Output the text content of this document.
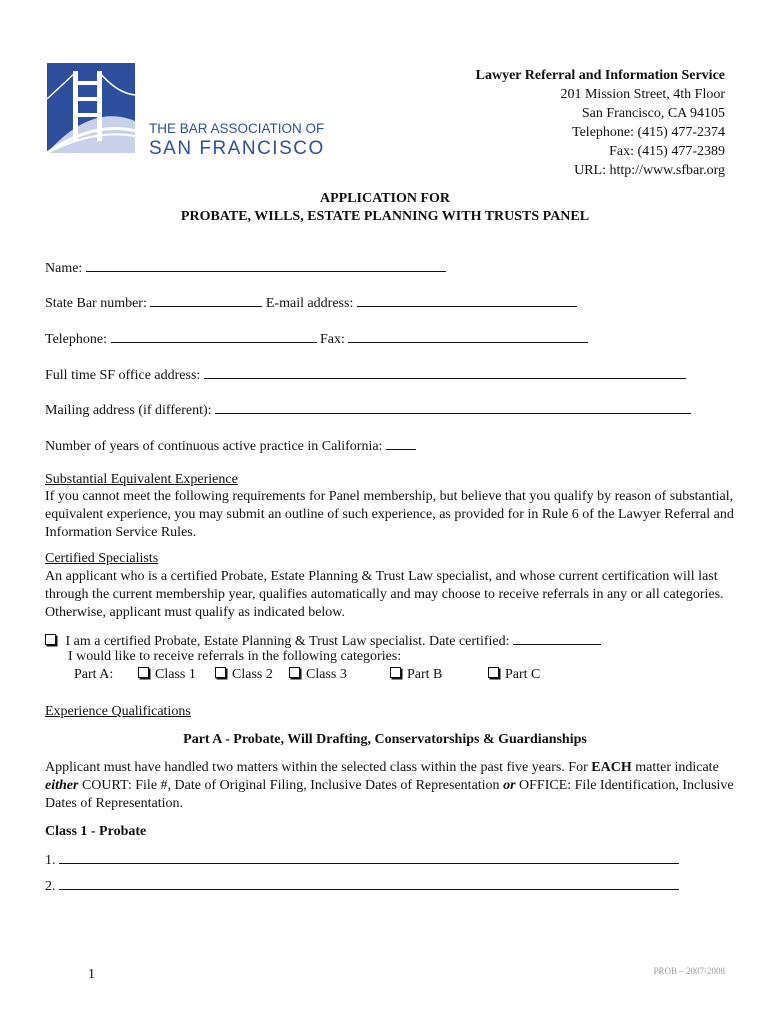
THE BAR ASSOCIATION OF
SAN FRANCISCO
Lawyer Referral and Information Service
201 Mission Street, 4th Floor
San Francisco, CA 94105
Telephone: (415) 477-2374
Fax: (415) 477-2389
URL: http://www.sfbar.org
APPLICATION FOR
PROBATE, WILLS, ESTATE PLANNING WITH TRUSTS PANEL
Name:
State Bar number:	E-mail address:
Telephone:	Fax:
Full time SF office address:
Mailing address (if different):
Number of years of continuous active practice in California:
Substantial Equivalent Experience
If you cannot meet the following requirements for Panel membership, but believe that you qualify by reason of substantial, equivalent experience, you may submit an outline of such experience, as provided for in Rule 6 of the Lawyer Referral and Information Service Rules.
Certified Specialists
An applicant who is a certified Probate, Estate Planning & Trust Law specialist, and whose current certification will last through the current membership year, qualifies automatically and may choose to receive referrals in any or all categories. Otherwise, applicant must qualify as indicated below.
I am a certified Probate, Estate Planning & Trust Law specialist. Date certified:
I would like to receive referrals in the following categories:
Part A:	Class 1	Class 2	Class 3	Part B	Part C
Experience Qualifications
Part A - Probate, Will Drafting, Conservatorships & Guardianships
Applicant must have handled two matters within the selected class within the past five years. For EACH matter indicate either COURT: File #, Date of Original Filing, Inclusive Dates of Representation or OFFICE: File Identification, Inclusive Dates of Representation.
Class 1 - Probate
1.
2.
1	PROB – 2007-2008
